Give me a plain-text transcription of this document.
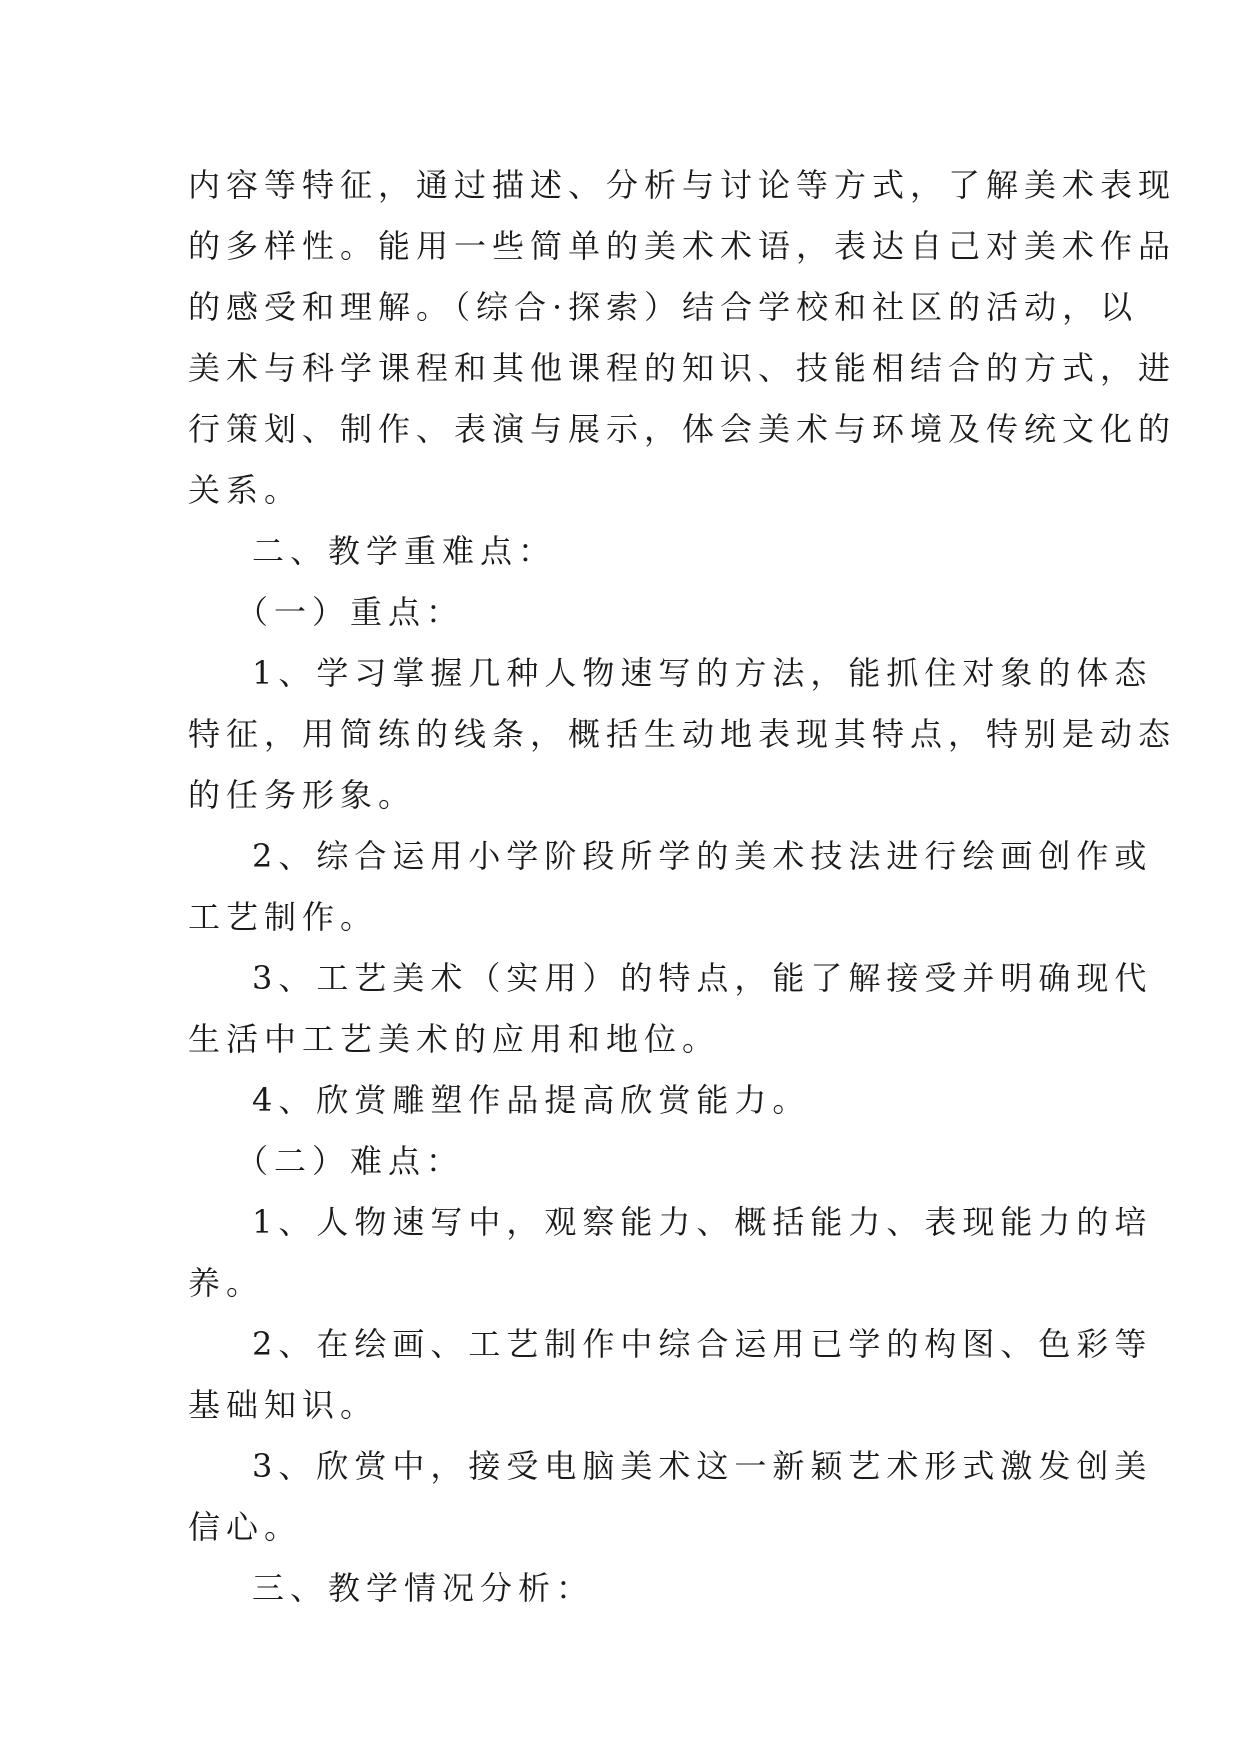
内容等特征，通过描述、分析与讨论等方式，了解美术表现
的多样性。能用一些简单的美术术语，表达自己对美术作品
的感受和理解。（综合·探索）结合学校和社区的活动，以
美术与科学课程和其他课程的知识、技能相结合的方式，进
行策划、制作、表演与展示，体会美术与环境及传统文化的
关系。
二、教学重难点：
（一）重点：
1、学习掌握几种人物速写的方法，能抓住对象的体态
特征，用简练的线条，概括生动地表现其特点，特别是动态
的任务形象。
2、综合运用小学阶段所学的美术技法进行绘画创作或
工艺制作。
3、工艺美术（实用）的特点，能了解接受并明确现代
生活中工艺美术的应用和地位。
4、欣赏雕塑作品提高欣赏能力。
（二）难点：
1、人物速写中，观察能力、概括能力、表现能力的培
养。
2、在绘画、工艺制作中综合运用已学的构图、色彩等
基础知识。
3、欣赏中，接受电脑美术这一新颖艺术形式激发创美
信心。
三、教学情况分析：
